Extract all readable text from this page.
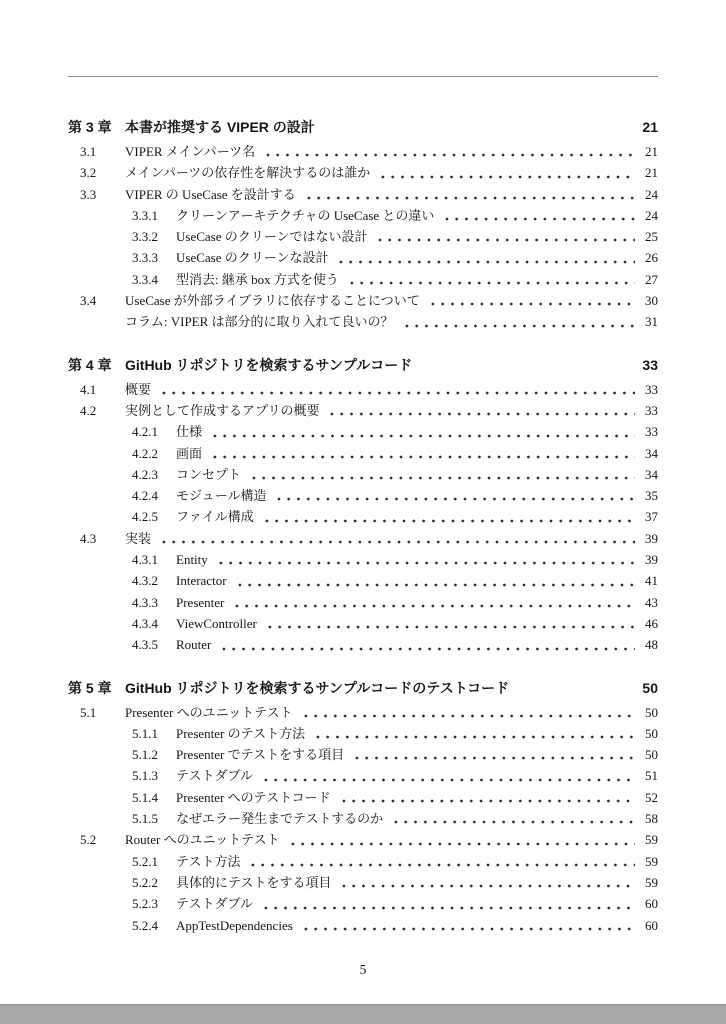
第 3 章 本書が推奨する VIPER の設計	21
3.1	VIPER メインパーツ名	21
3.2	メインパーツの依存性を解決するのは誰か	21
3.3	VIPER の UseCase を設計する	24
3.3.1	クリーンアーキテクチャの UseCase との違い	24
3.3.2	UseCase のクリーンではない設計	25
3.3.3	UseCase のクリーンな設計	26
3.3.4	型消去: 継承 box 方式を使う	27
3.4	UseCase が外部ライブラリに依存することについて	30
コラム: VIPER は部分的に取り入れて良いの？	31
第 4 章 GitHub リポジトリを検索するサンプルコード	33
4.1	概要	33
4.2	実例として作成するアプリの概要	33
4.2.1	仕様	33
4.2.2	画面	34
4.2.3	コンセプト	34
4.2.4	モジュール構造	35
4.2.5	ファイル構成	37
4.3	実装	39
4.3.1	Entity	39
4.3.2	Interactor	41
4.3.3	Presenter	43
4.3.4	ViewController	46
4.3.5	Router	48
第 5 章 GitHub リポジトリを検索するサンプルコードのテストコード	50
5.1	Presenter へのユニットテスト	50
5.1.1	Presenter のテスト方法	50
5.1.2	Presenter でテストをする項目	50
5.1.3	テストダブル	51
5.1.4	Presenter へのテストコード	52
5.1.5	なぜエラー発生までテストするのか	58
5.2	Router へのユニットテスト	59
5.2.1	テスト方法	59
5.2.2	具体的にテストをする項目	59
5.2.3	テストダブル	60
5.2.4	AppTestDependencies	60
5
